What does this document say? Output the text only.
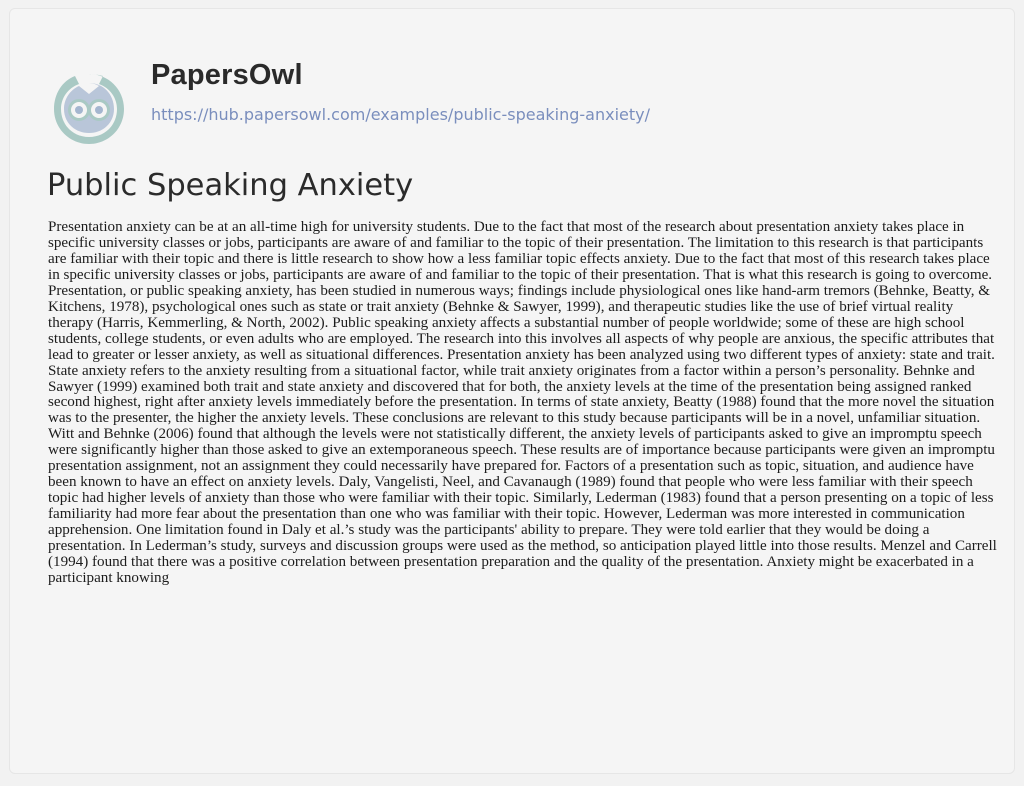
PapersOwl
https://hub.papersowl.com/examples/public-speaking-anxiety/
Public Speaking Anxiety

Presentation anxiety can be at an all-time high for university students. Due to the fact that most of the research about presentation anxiety takes place in specific university classes or jobs, participants are aware of and familiar to the topic of their presentation. The limitation to this research is that participants are familiar with their topic and there is little research to show how a less familiar topic effects anxiety. Due to the fact that most of this research takes place in specific university classes or jobs, participants are aware of and familiar to the topic of their presentation. That is what this research is going to overcome. Presentation, or public speaking anxiety, has been studied in numerous ways; findings include physiological ones like hand-arm tremors (Behnke, Beatty, & Kitchens, 1978), psychological ones such as state or trait anxiety (Behnke & Sawyer, 1999), and therapeutic studies like the use of brief virtual reality therapy (Harris, Kemmerling, & North, 2002). Public speaking anxiety affects a substantial number of people worldwide; some of these are high school students, college students, or even adults who are employed. The research into this involves all aspects of why people are anxious, the specific attributes that lead to greater or lesser anxiety, as well as situational differences. Presentation anxiety has been analyzed using two different types of anxiety: state and trait. State anxiety refers to the anxiety resulting from a situational factor, while trait anxiety originates from a factor within a person’s personality. Behnke and Sawyer (1999) examined both trait and state anxiety and discovered that for both, the anxiety levels at the time of the presentation being assigned ranked second highest, right after anxiety levels immediately before the presentation. In terms of state anxiety, Beatty (1988) found that the more novel the situation was to the presenter, the higher the anxiety levels. These conclusions are relevant to this study because participants will be in a novel, unfamiliar situation. Witt and Behnke (2006) found that although the levels were not statistically different, the anxiety levels of participants asked to give an impromptu speech were significantly higher than those asked to give an extemporaneous speech. These results are of importance because participants were given an impromptu presentation assignment, not an assignment they could necessarily have prepared for. Factors of a presentation such as topic, situation, and audience have been known to have an effect on anxiety levels. Daly, Vangelisti, Neel, and Cavanaugh (1989) found that people who were less familiar with their speech topic had higher levels of anxiety than those who were familiar with their topic. Similarly, Lederman (1983) found that a person presenting on a topic of less familiarity had more fear about the presentation than one who was familiar with their topic. However, Lederman was more interested in communication apprehension. One limitation found in Daly et al.’s study was the participants' ability to prepare. They were told earlier that they would be doing a presentation. In Lederman’s study, surveys and discussion groups were used as the method, so anticipation played little into those results. Menzel and Carrell (1994) found that there was a positive correlation between presentation preparation and the quality of the presentation. Anxiety might be exacerbated in a participant knowing
